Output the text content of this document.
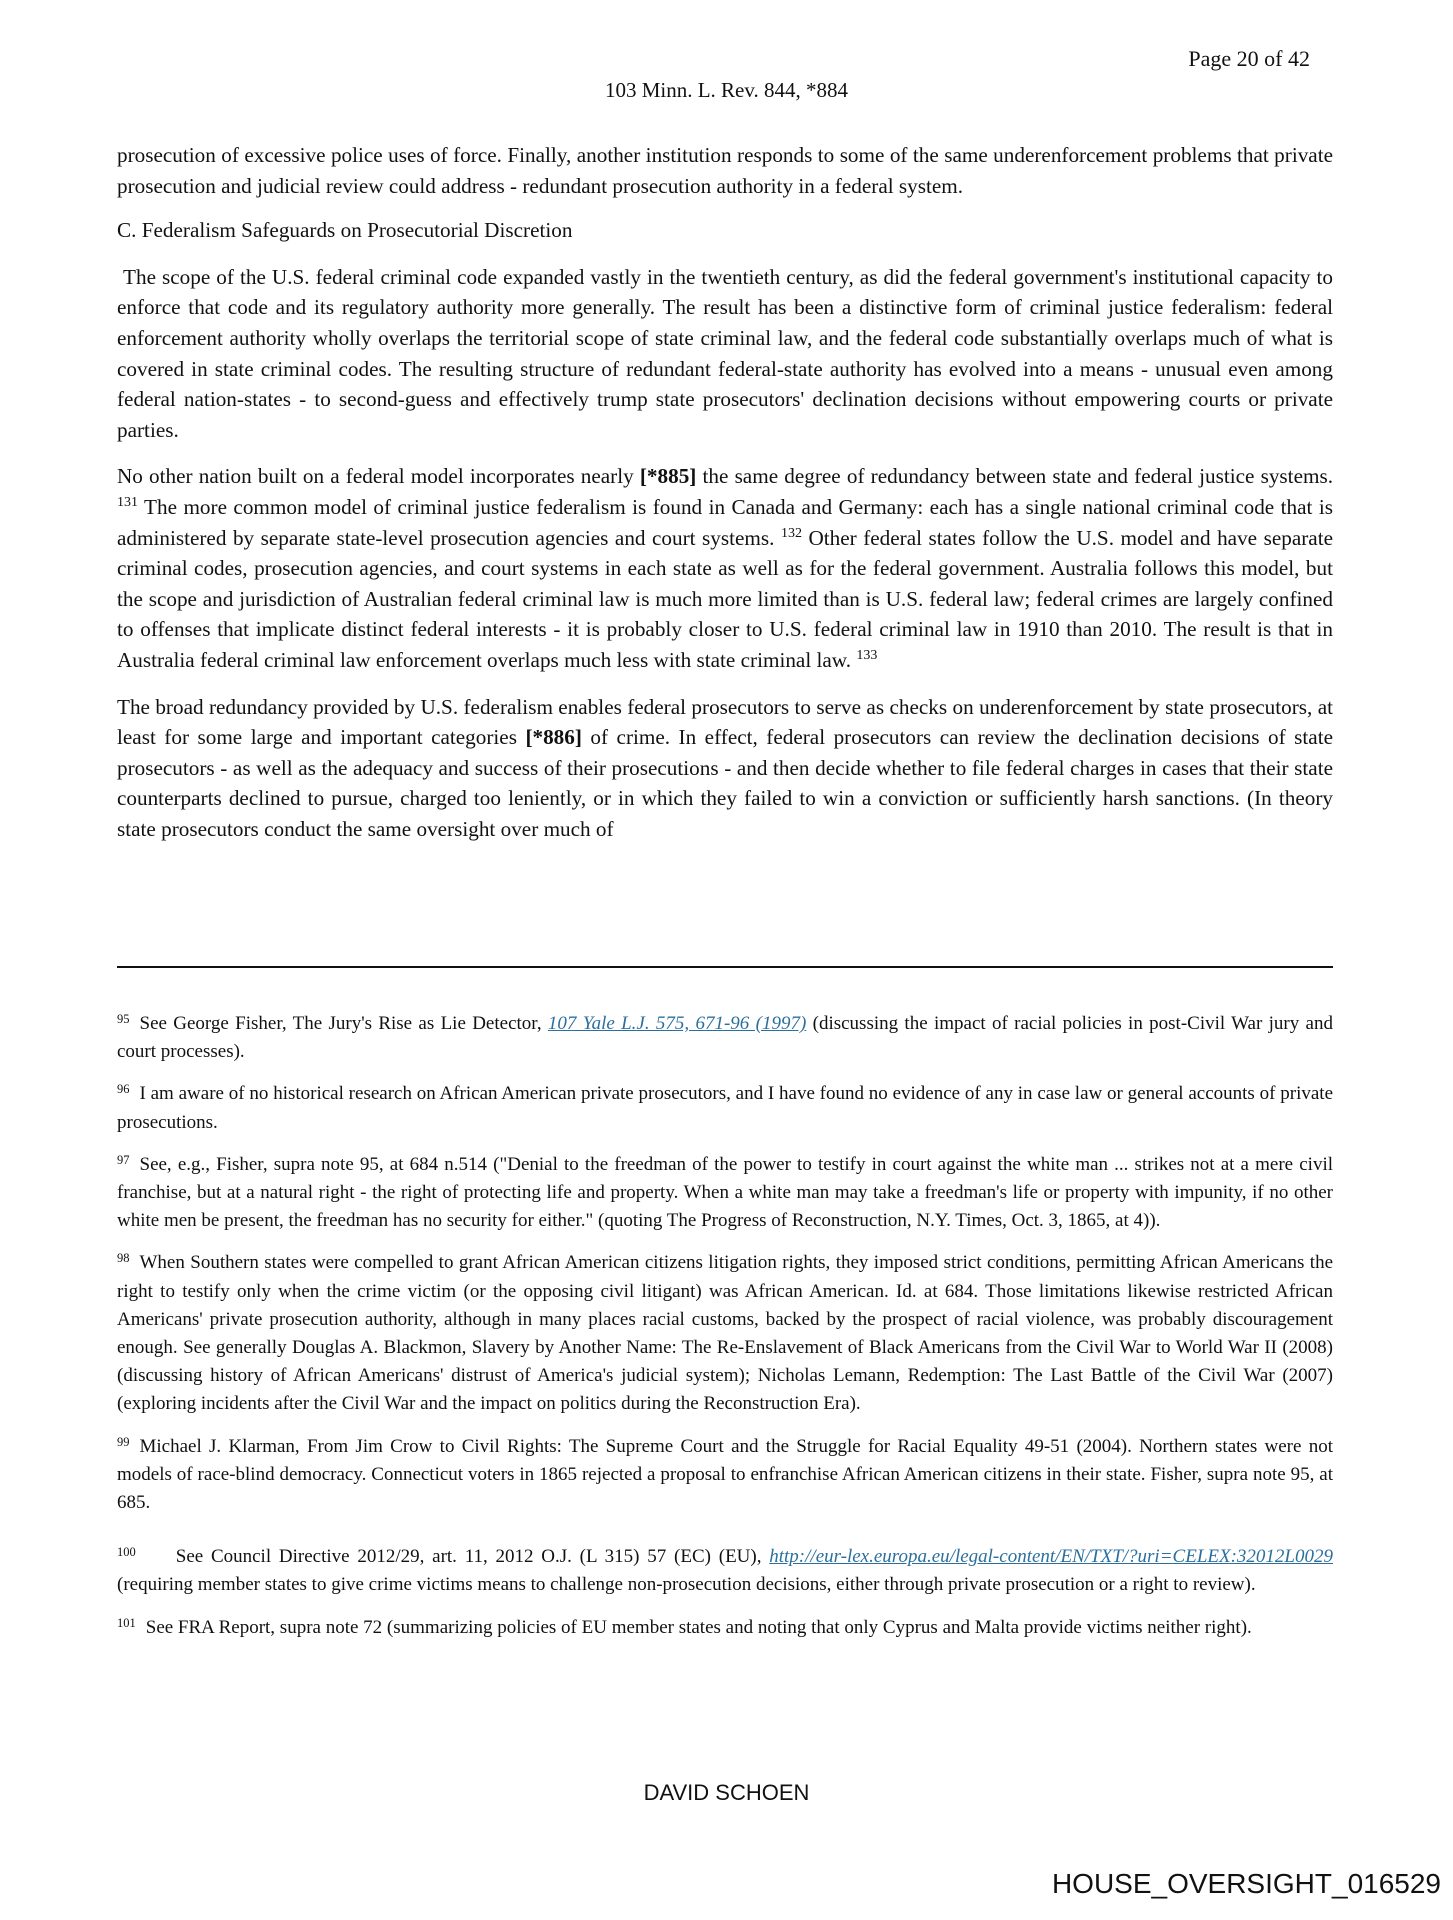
Page 20 of 42
103 Minn. L. Rev. 844, *884

prosecution of excessive police uses of force. Finally, another institution responds to some of the same underenforcement problems that private prosecution and judicial review could address - redundant prosecution authority in a federal system.

C. Federalism Safeguards on Prosecutorial Discretion

The scope of the U.S. federal criminal code expanded vastly in the twentieth century, as did the federal government's institutional capacity to enforce that code and its regulatory authority more generally. The result has been a distinctive form of criminal justice federalism: federal enforcement authority wholly overlaps the territorial scope of state criminal law, and the federal code substantially overlaps much of what is covered in state criminal codes. The resulting structure of redundant federal-state authority has evolved into a means - unusual even among federal nation-states - to second-guess and effectively trump state prosecutors' declination decisions without empowering courts or private parties.

No other nation built on a federal model incorporates nearly [*885] the same degree of redundancy between state and federal justice systems. $^{131}$ The more common model of criminal justice federalism is found in Canada and Germany: each has a single national criminal code that is administered by separate state-level prosecution agencies and court systems. $^{132}$ Other federal states follow the U.S. model and have separate criminal codes, prosecution agencies, and court systems in each state as well as for the federal government. Australia follows this model, but the scope and jurisdiction of Australian federal criminal law is much more limited than is U.S. federal law; federal crimes are largely confined to offenses that implicate distinct federal interests - it is probably closer to U.S. federal criminal law in 1910 than 2010. The result is that in Australia federal criminal law enforcement overlaps much less with state criminal law. $^{133}$

The broad redundancy provided by U.S. federalism enables federal prosecutors to serve as checks on underenforcement by state prosecutors, at least for some large and important categories [*886] of crime. In effect, federal prosecutors can review the declination decisions of state prosecutors - as well as the adequacy and success of their prosecutions - and then decide whether to file federal charges in cases that their state counterparts declined to pursue, charged too leniently, or in which they failed to win a conviction or sufficiently harsh sanctions. (In theory state prosecutors conduct the same oversight over much of

$^{95}$ See George Fisher, The Jury's Rise as Lie Detector, 107 Yale L.J. 575, 671-96 (1997) (discussing the impact of racial policies in post-Civil War jury and court processes).

$^{96}$ I am aware of no historical research on African American private prosecutors, and I have found no evidence of any in case law or general accounts of private prosecutions.

$^{97}$ See, e.g., Fisher, supra note 95, at 684 n.514 ("Denial to the freedman of the power to testify in court against the white man ... strikes not at a mere civil franchise, but at a natural right - the right of protecting life and property. When a white man may take a freedman's life or property with impunity, if no other white men be present, the freedman has no security for either." (quoting The Progress of Reconstruction, N.Y. Times, Oct. 3, 1865, at 4)).

$^{98}$ When Southern states were compelled to grant African American citizens litigation rights, they imposed strict conditions, permitting African Americans the right to testify only when the crime victim (or the opposing civil litigant) was African American. Id. at 684. Those limitations likewise restricted African Americans' private prosecution authority, although in many places racial customs, backed by the prospect of racial violence, was probably discouragement enough. See generally Douglas A. Blackmon, Slavery by Another Name: The Re-Enslavement of Black Americans from the Civil War to World War II (2008) (discussing history of African Americans' distrust of America's judicial system); Nicholas Lemann, Redemption: The Last Battle of the Civil War (2007) (exploring incidents after the Civil War and the impact on politics during the Reconstruction Era).

$^{99}$ Michael J. Klarman, From Jim Crow to Civil Rights: The Supreme Court and the Struggle for Racial Equality 49-51 (2004). Northern states were not models of race-blind democracy. Connecticut voters in 1865 rejected a proposal to enfranchise African American citizens in their state. Fisher, supra note 95, at 685.

$^{100}$ See Council Directive 2012/29, art. 11, 2012 O.J. (L 315) 57 (EC) (EU), http://eur-lex.europa.eu/legal-content/EN/TXT/?uri=CELEX:32012L0029 (requiring member states to give crime victims means to challenge non-prosecution decisions, either through private prosecution or a right to review).

$^{101}$ See FRA Report, supra note 72 (summarizing policies of EU member states and noting that only Cyprus and Malta provide victims neither right).

DAVID SCHOEN
HOUSE_OVERSIGHT_016529
